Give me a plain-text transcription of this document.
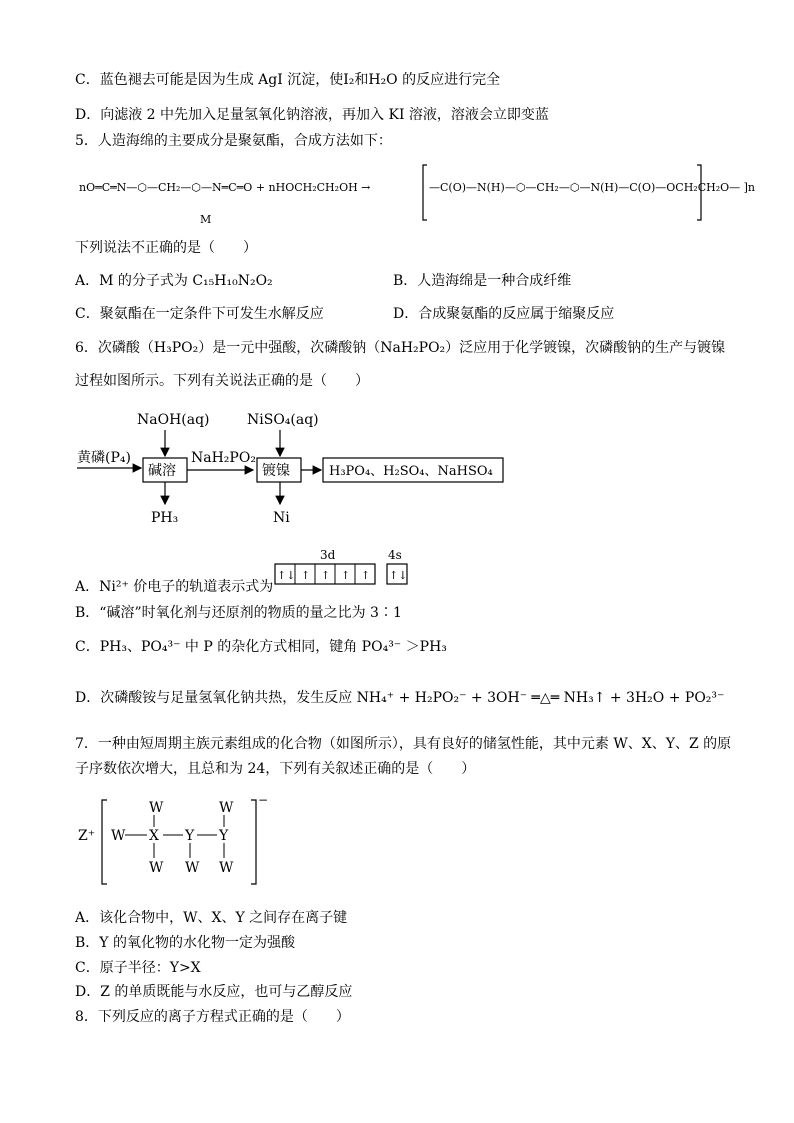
C．蓝色褪去可能是因为生成 AgI 沉淀，使I₂和H₂O 的反应进行完全
D．向滤液 2 中先加入足量氢氧化钠溶液，再加入 KI 溶液，溶液会立即变蓝
5．人造海绵的主要成分是聚氨酯，合成方法如下：
nO═C═N—⬡—CH₂—⬡—N═C═O + nHOCH₂CH₂OH →
M
—C(O)—N(H)—⬡—CH₂—⬡—N(H)—C(O)—OCH₂CH₂O— ]n
下列说法不正确的是（　　）
A．M 的分子式为 C₁₅H₁₀N₂O₂	B．人造海绵是一种合成纤维
C．聚氨酯在一定条件下可发生水解反应	D．合成聚氨酯的反应属于缩聚反应
6．次磷酸（H₃PO₂）是一元中强酸，次磷酸钠（NaH₂PO₂）泛应用于化学镀镍，次磷酸钠的生产与镀镍
过程如图所示。下列有关说法正确的是（　　）
黄磷(P₄)
NaOH(aq)
碱溶
NaH₂PO₂
NiSO₄(aq)
镀镍	H₃PO₄、H₂SO₄、NaHSO₄
PH₃	Ni
A．Ni²⁺ 价电子的轨道表示式为
3d	4s
↑↓ ↑ ↑ ↑ ↑ ↑↓
B．“碱溶”时氧化剂与还原剂的物质的量之比为 3∶1
C．PH₃、PO₄³⁻ 中 P 的杂化方式相同，键角 PO₄³⁻ ＞PH₃
D．次磷酸铵与足量氢氧化钠共热，发生反应 NH₄⁺ + H₂PO₂⁻ + 3OH⁻ ═△═ NH₃↑ + 3H₂O + PO₂³⁻
7．一种由短周期主族元素组成的化合物（如图所示），具有良好的储氢性能，其中元素 W、X、Y、Z 的原
子序数依次增大，且总和为 24，下列有关叙述正确的是（　　）
Z⁺
−
W X
W
W
Y
W
Y
W
W
A．该化合物中，W、X、Y 之间存在离子键
B．Y 的氧化物的水化物一定为强酸
C．原子半径：Y>X
D．Z 的单质既能与水反应，也可与乙醇反应
8．下列反应的离子方程式正确的是（　　）
